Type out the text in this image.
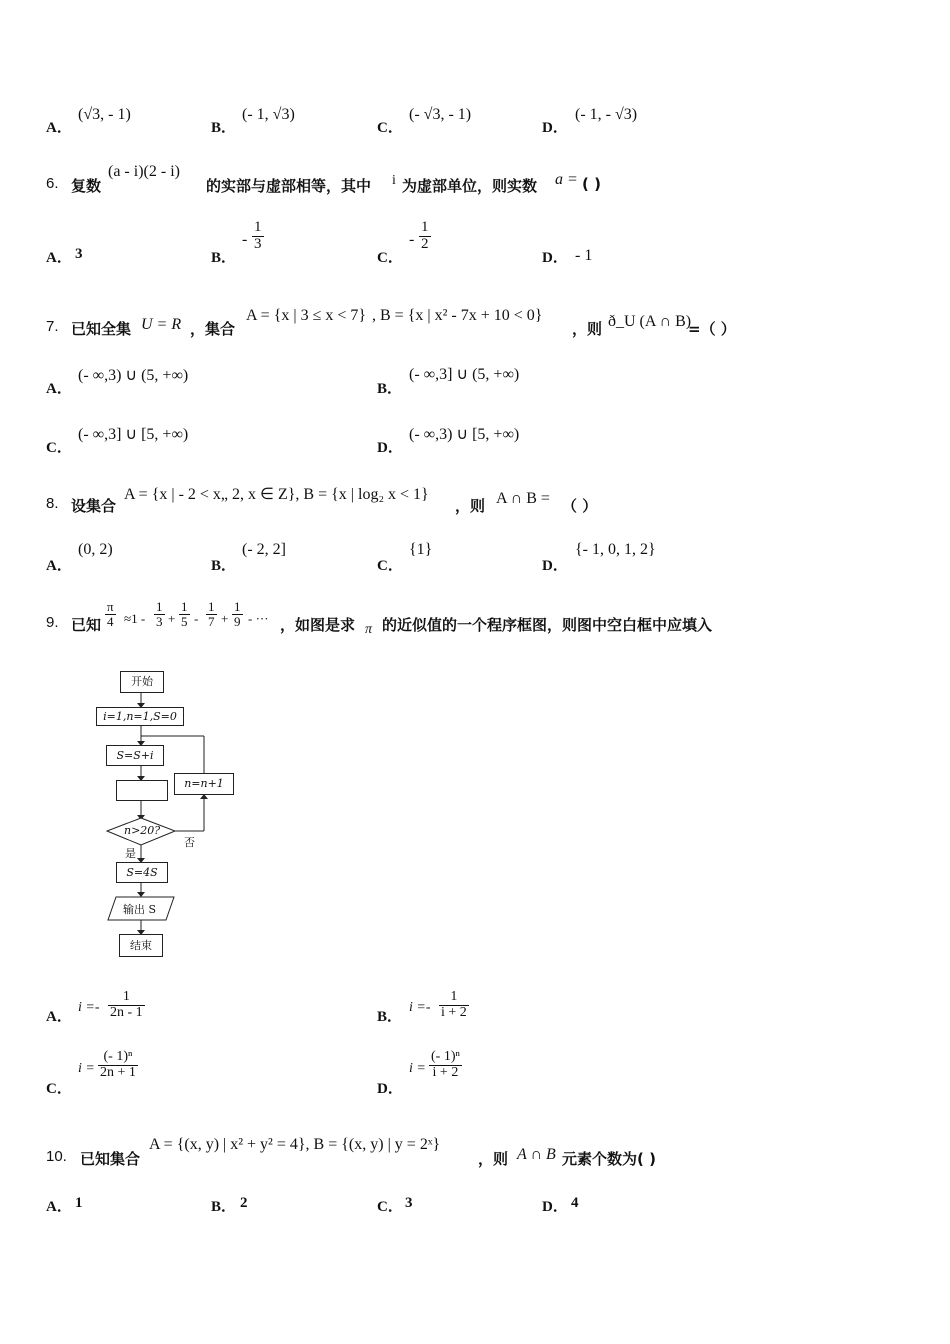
A．
(√3, - 1)
B．
(- 1, √3)
C．
(- √3, - 1)
D．
(- 1, - √3)
6. 复数
(a - i)(2 - i)
的实部与虚部相等，其中 i 为虚部单位，则实数 a = ( )
A． 3	B．
- $\frac{1}{3}$
C．
- $\frac{1}{2}$
D． - 1
7. 已知全集 U = R ，集合
A = {x | 3 ≤ x < 7} , B = {x | x² - 7x + 10 < 0}
，则 ð_U (A ∩ B)
=（ ）
A．
(- ∞,3) ∪ (5, +∞)
B．
(- ∞,3] ∪ (5, +∞)
C．
(- ∞,3] ∪ [5, +∞)
D．
(- ∞,3) ∪ [5, +∞)
8. 设集合
A = {x | - 2 < x„ 2, x ∈ Z}, B = {x | log₂ x < 1}
，则 A ∩ B = （ ）
A．
(0, 2)
B．
(- 2, 2]
C．
{1}
D．
{- 1, 0, 1, 2}
9. 已知 $\frac{\pi}{4} \approx 1 - \frac{1}{3} + \frac{1}{5} - \frac{1}{7} + \frac{1}{9}$ - ··· ，如图是求 π 的近似值的一个程序框图，则图中空白框中应填入
开始
i=1,n=1,S=0
S=S+i
n=n+1
n>20?
是
否
S=4S
输出 S
结束
A．
$i =- \frac{1}{2n - 1}$	B．
$i =- \frac{1}{i + 2}$
C．
$i = \frac{\text{(- 1)ⁿ}}{2n + 1}$
D．
$i = \frac{\text{(- 1)ⁿ}}{i + 2}$
10. 已知集合
A = {(x, y) | x² + y² = 4}, B = {(x, y) | y = 2ˣ}
，则 A ∩ B 元素个数为( )
A． 1	B． 2	C． 3	D． 4
